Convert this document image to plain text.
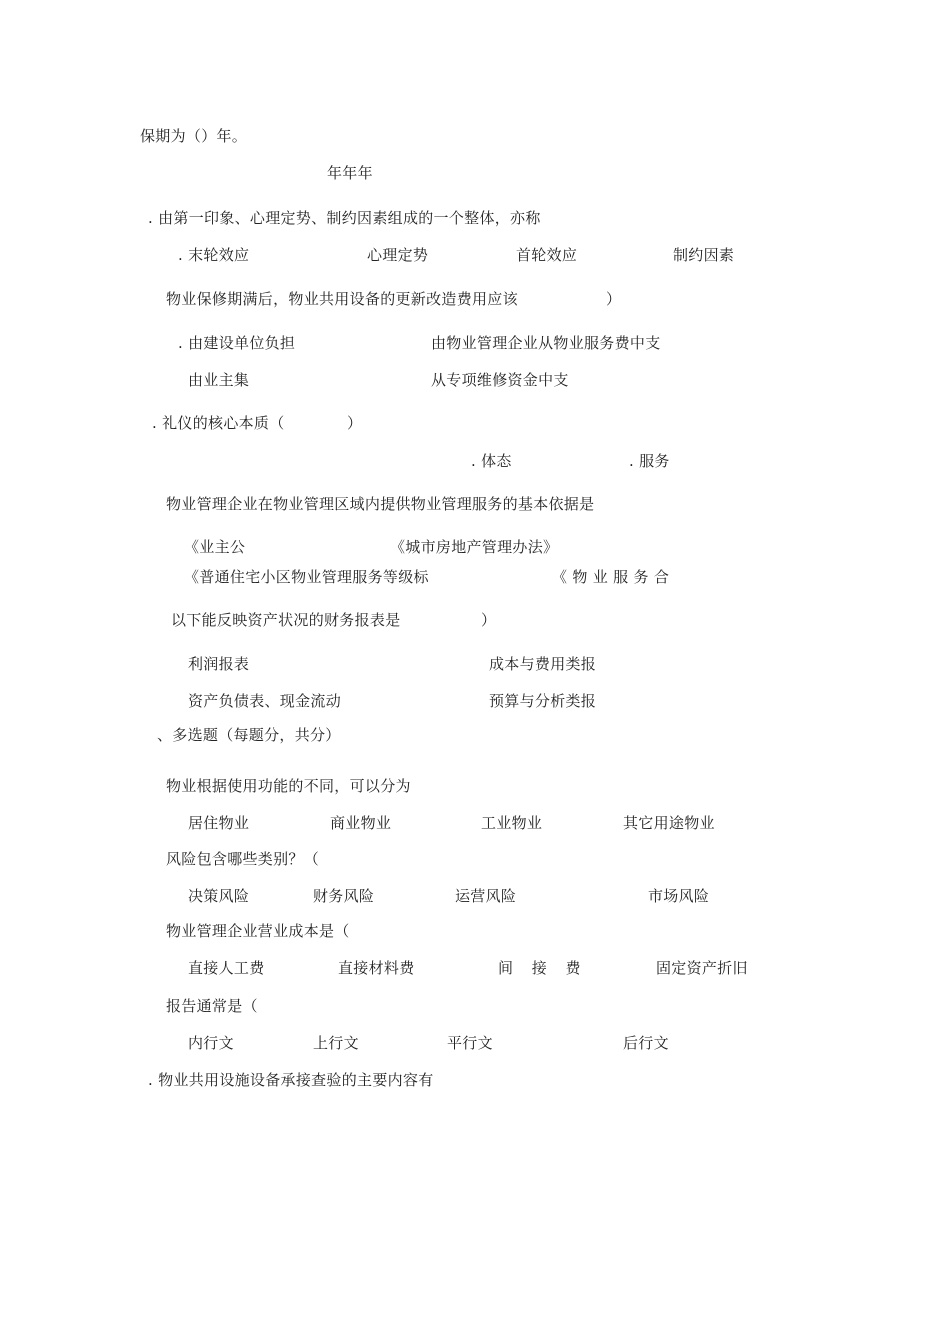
保期为（）年。
年年年
. 由第一印象、心理定势、制约因素组成的一个整体，亦称
. 末轮效应	心理定势	首轮效应	制约因素
物业保修期满后，物业共用设备的更新改造费用应该	）
. 由建设单位负担	由物业管理企业从物业服务费中支
由业主集	从专项维修资金中支
. 礼仪的核心本质（	）
. 体态	. 服务
物业管理企业在物业管理区域内提供物业管理服务的基本依据是
《业主公	《城市房地产管理办法》
《普通住宅小区物业管理服务等级标	《 物 业 服 务 合
以下能反映资产状况的财务报表是	）
利润报表	成本与费用类报
资产负债表、现金流动	预算与分析类报
、多选题（每题分，共分）
物业根据使用功能的不同，可以分为
居住物业	商业物业	工业物业	其它用途物业
风险包含哪些类别？（
决策风险	财务风险	运营风险	市场风险
物业管理企业营业成本是（
直接人工费	直接材料费	间 接 费	固定资产折旧
报告通常是（
内行文	上行文	平行文	后行文
. 物业共用设施设备承接查验的主要内容有
